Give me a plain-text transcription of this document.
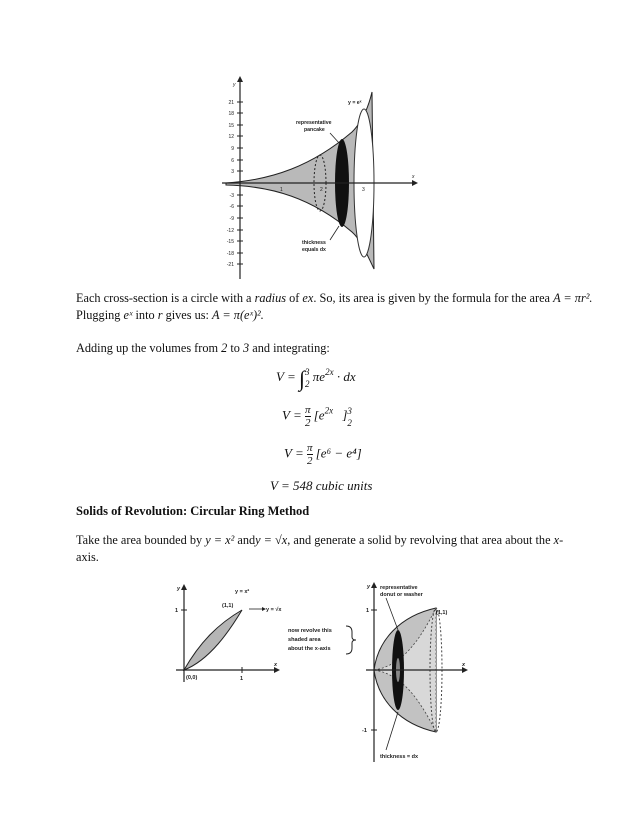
21
18
15
12
9
6
3
-3
-6
-9
-12
-15
-18
-21
1	2	3
x
y
y = eˣ
representative
pancake
thickness
equals dx
Each cross-section is a circle with a radius of ex. So, its area is given by the formula for the area A = πr².
Plugging eˣ into r gives us: A = π(eˣ)².
Adding up the volumes from 2 to 3 and integrating:
V = ∫3
2 $\pi e^{2x}$ · dx
$V = \frac{\pi}{2} [e^{2x}$ ]3
2
$V = \frac{\pi}{2} [e^6 - e^4]$
V = 548 cubic units
Solids of Revolution: Circular Ring Method
Take the area bounded by y = x² andy = √x, and generate a solid by revolving that area about the x-
axis.
y = x²
y = √x
(1,1)
(0,0)
1
1
x
y
now revolve this
shaded area
about the x-axis
representative
donut or washer
(1,1)
thickness = dx
1
-1
x
y
